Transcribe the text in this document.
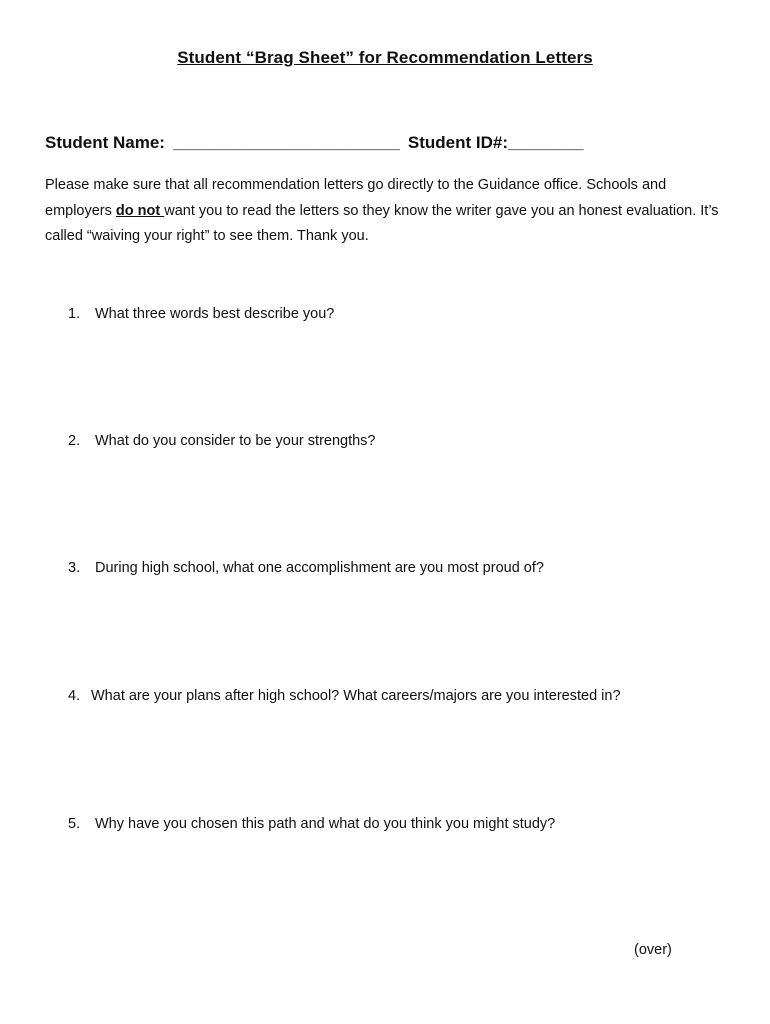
Student “Brag Sheet” for Recommendation Letters
Student Name: ________________________ Student ID#:________
Please make sure that all recommendation letters go directly to the Guidance office. Schools and employers do not want you to read the letters so they know the writer gave you an honest evaluation. It’s called “waiving your right” to see them. Thank you.
1. What three words best describe you?
2. What do you consider to be your strengths?
3. During high school, what one accomplishment are you most proud of?
4. What are your plans after high school? What careers/majors are you interested in?
5. Why have you chosen this path and what do you think you might study?
(over)
